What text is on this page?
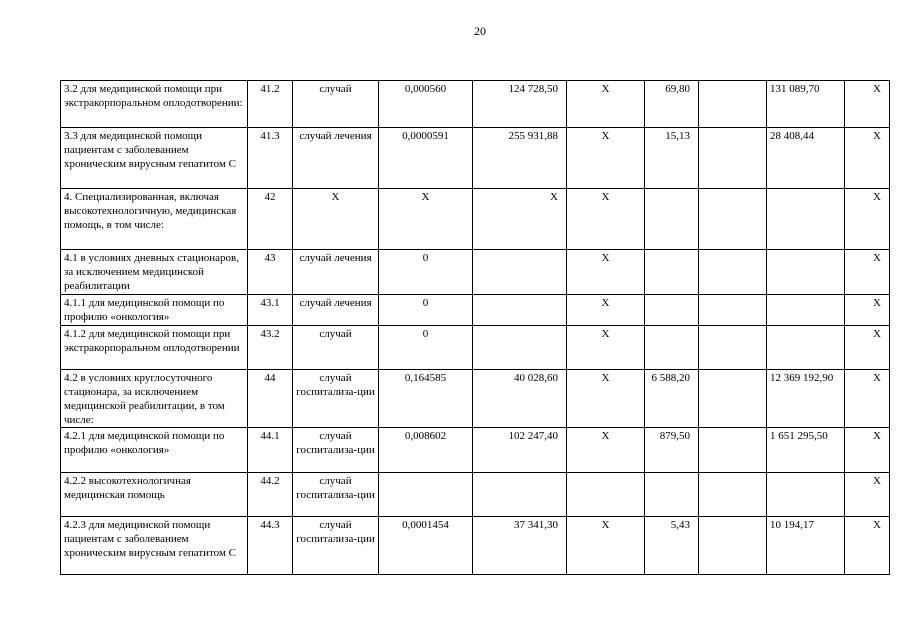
20
3.2 для медицинской помощи при экстракорпоральном оплодотворении:	41.2	случай	0,000560	124 728,50	X	69,80		131 089,70	X
3.3 для медицинской помощи пациентам с заболеванием хроническим вирусным гепатитом С	41.3	случай лечения	0,0000591	255 931,88	X	15,13		28 408,44	X
4. Специализированная, включая высокотехнологичную, медицинская помощь, в том числе:	42	X	X	X	X				X
4.1 в условиях дневных стационаров, за исключением медицинской реабилитации	43	случай лечения	0		X				X
4.1.1 для медицинской помощи по профилю «онкология»	43.1	случай лечения	0		X				X
4.1.2 для медицинской помощи при экстракорпоральном оплодотворении	43.2	случай	0		X				X
4.2 в условиях круглосуточного стационара, за исключением медицинской реабилитации, в том числе:	44	случай госпитализа-ции	0,164585	40 028,60	X	6 588,20		12 369 192,90	X
4.2.1 для медицинской помощи по профилю «онкология»	44.1	случай госпитализа-ции	0,008602	102 247,40	X	879,50		1 651 295,50	X
4.2.2 высокотехнологичная медицинская помощь	44.2	случай госпитализа-ции							X
4.2.3 для медицинской помощи пациентам с заболеванием хроническим вирусным гепатитом С	44.3	случай госпитализа-ции	0,0001454	37 341,30	X	5,43		10 194,17	X
